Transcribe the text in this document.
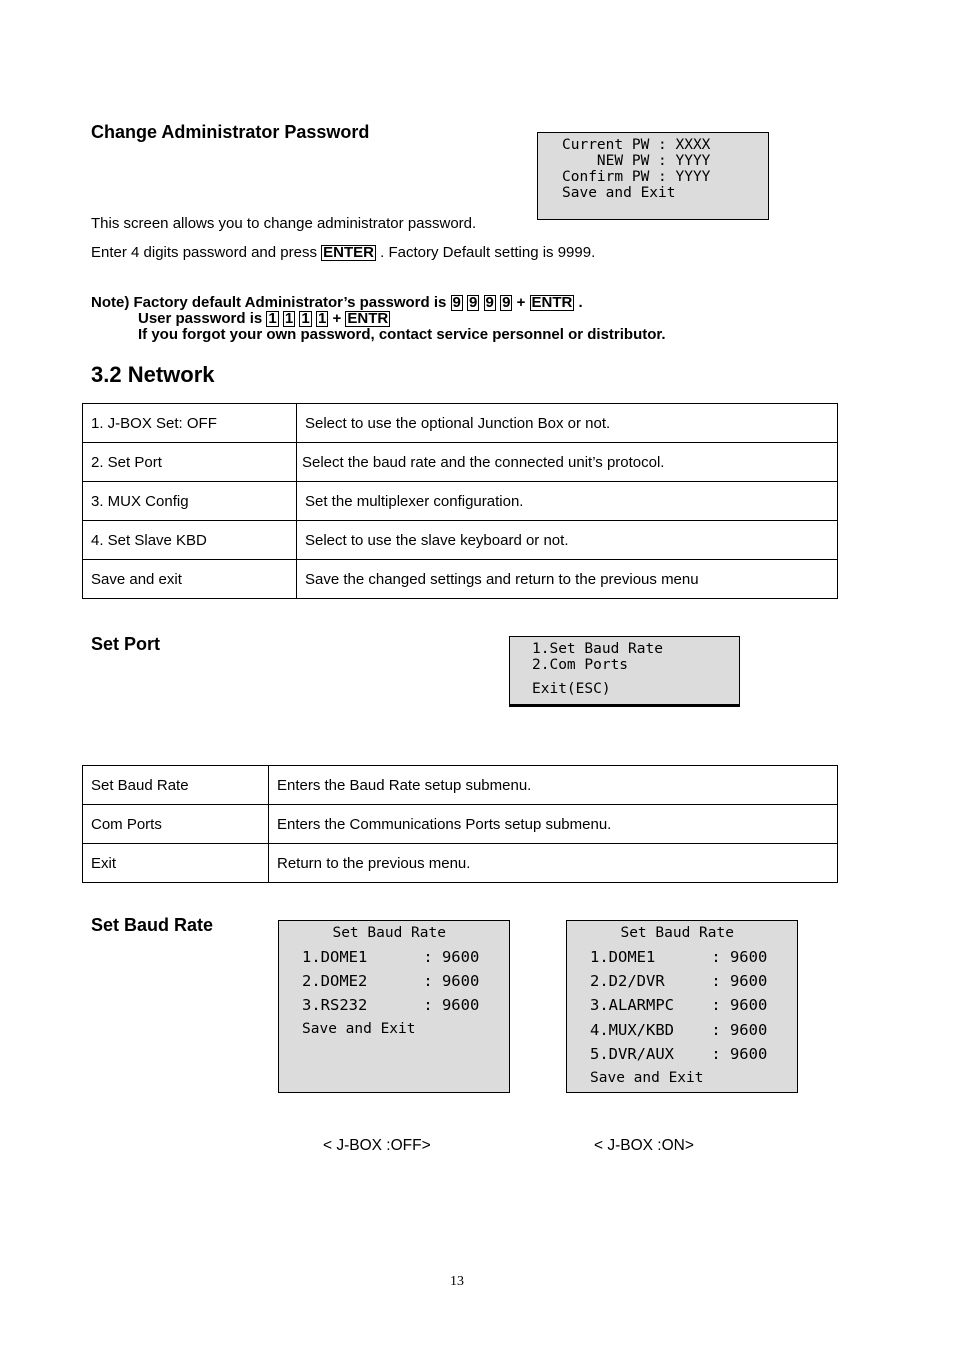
Change Administrator Password
Current PW : XXXX
NEW PW : YYYY
Confirm PW : YYYY
Save and Exit
This screen allows you to change administrator password.
Enter 4 digits password and press ENTER . Factory Default setting is 9999.
Note) Factory default Administrator’s password is 9 9 9 9 + ENTR .
User password is 1 1 1 1 + ENTR
If you forgot your own password, contact service personnel or distributor.
3.2 Network
1. J-BOX Set: OFF	Select to use the optional Junction Box or not.
2. Set Port	Select the baud rate and the connected unit’s protocol.
3. MUX Config	Set the multiplexer configuration.
4. Set Slave KBD	Select to use the slave keyboard or not.
Save and exit	Save the changed settings and return to the previous menu
Set Port	1.Set Baud Rate
2.Com Ports
Exit(ESC)
Set Baud Rate	Enters the Baud Rate setup submenu.
Com Ports	Enters the Communications Ports setup submenu.
Exit	Return to the previous menu.
Set Baud Rate	Set Baud Rate
1.DOME1      : 9600
2.DOME2      : 9600
3.RS232      : 9600
Save and Exit
Set Baud Rate
1.DOME1      : 9600
2.D2/DVR     : 9600
3.ALARMPC    : 9600
4.MUX/KBD    : 9600
5.DVR/AUX    : 9600
Save and Exit
< J-BOX :OFF>	< J-BOX :ON>
13
